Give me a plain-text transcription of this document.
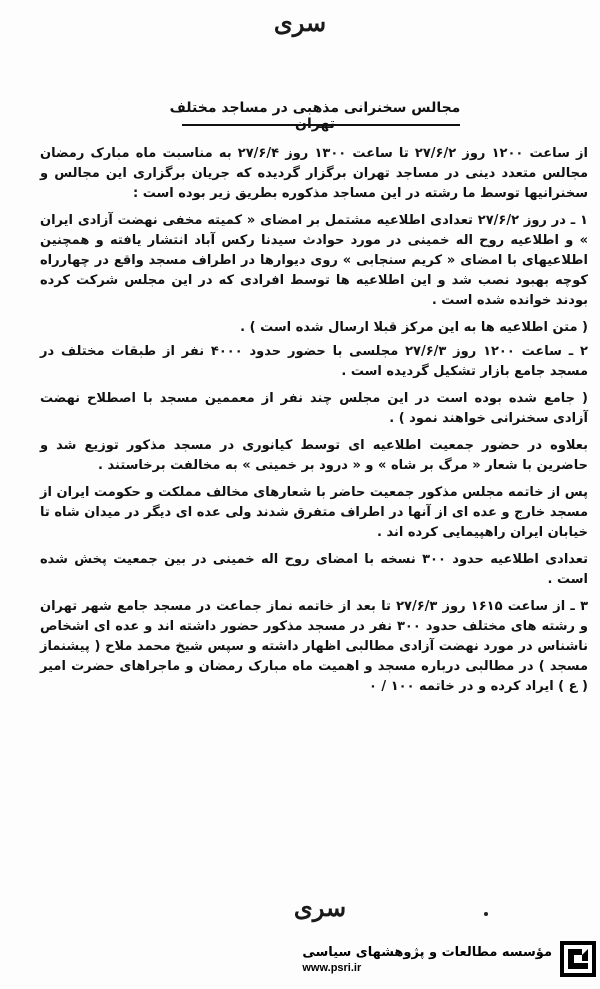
سری
مجالس سخنرانی مذهبی در مساجد مختلف تهران

از ساعت ۱۲۰۰ روز ۲۷/۶/۲ تا ساعت ۱۳۰۰ روز ۲۷/۶/۴ به مناسبت ماه مبارک رمضان مجالس متعدد دینی در مساجد تهران برگزار گردیده که جریان برگزاری این مجالس و سخنرانیها توسط ما رشته در این مساجد مذکوره بطریق زیر بوده است :

۱ ـ در روز ۲۷/۶/۲ تعدادی اطلاعیه مشتمل بر امضای « کمیته مخفی نهضت آزادی ایران » و اطلاعیه روح اله خمینی در مورد حوادث سیدنا رکس آباد انتشار یافته و همچنین اطلاعیهای با امضای « کریم سنجابی » روی دیوارها در اطراف مسجد واقع در چهارراه کوچه بهبود نصب شد و این اطلاعیه ها توسط افرادی که در این مجلس شرکت کرده بودند خوانده شده است .

( متن اطلاعیه ها به این مرکز قبلا ارسال شده است ) .

۲ ـ ساعت ۱۲۰۰ روز ۲۷/۶/۳ مجلسی با حضور حدود ۴۰۰۰ نفر از طبقات مختلف در مسجد جامع بازار تشکیل گردیده است .

( جامع شده بوده است در این مجلس چند نفر از معممین مسجد با اصطلاح نهضت آزادی سخنرانی خواهند نمود ) .

بعلاوه در حضور جمعیت اطلاعیه ای توسط کیانوری در مسجد مذکور توزیع شد و حاضرین با شعار « مرگ بر شاه » و « درود بر خمینی » به مخالفت برخاستند .

پس از خاتمه مجلس مذکور جمعیت حاضر با شعارهای مخالف مملکت و حکومت ایران از مسجد خارج و عده ای از آنها در اطراف متفرق شدند ولی عده ای دیگر در میدان شاه تا خیابان ایران راهپیمایی کرده اند .

تعدادی اطلاعیه حدود ۳۰۰ نسخه با امضای روح اله خمینی در بین جمعیت پخش شده است .

۳ ـ از ساعت ۱۶۱۵ روز ۲۷/۶/۳ تا بعد از خاتمه نماز جماعت در مسجد جامع شهر تهران و رشته های مختلف حدود ۳۰۰ نفر در مسجد مذکور حضور داشته اند و عده ای اشخاص ناشناس در مورد نهضت آزادی مطالبی اظهار داشته و سپس شیخ محمد ملاح ( پیشنماز مسجد ) در مطالبی درباره مسجد و اهمیت ماه مبارک رمضان و ماجراهای حضرت امیر ( ع ) ایراد کرده و در خاتمه ۱۰۰ / ۰

سری
مؤسسه مطالعات و پژوهشهای سیاسی
www.psri.ir
